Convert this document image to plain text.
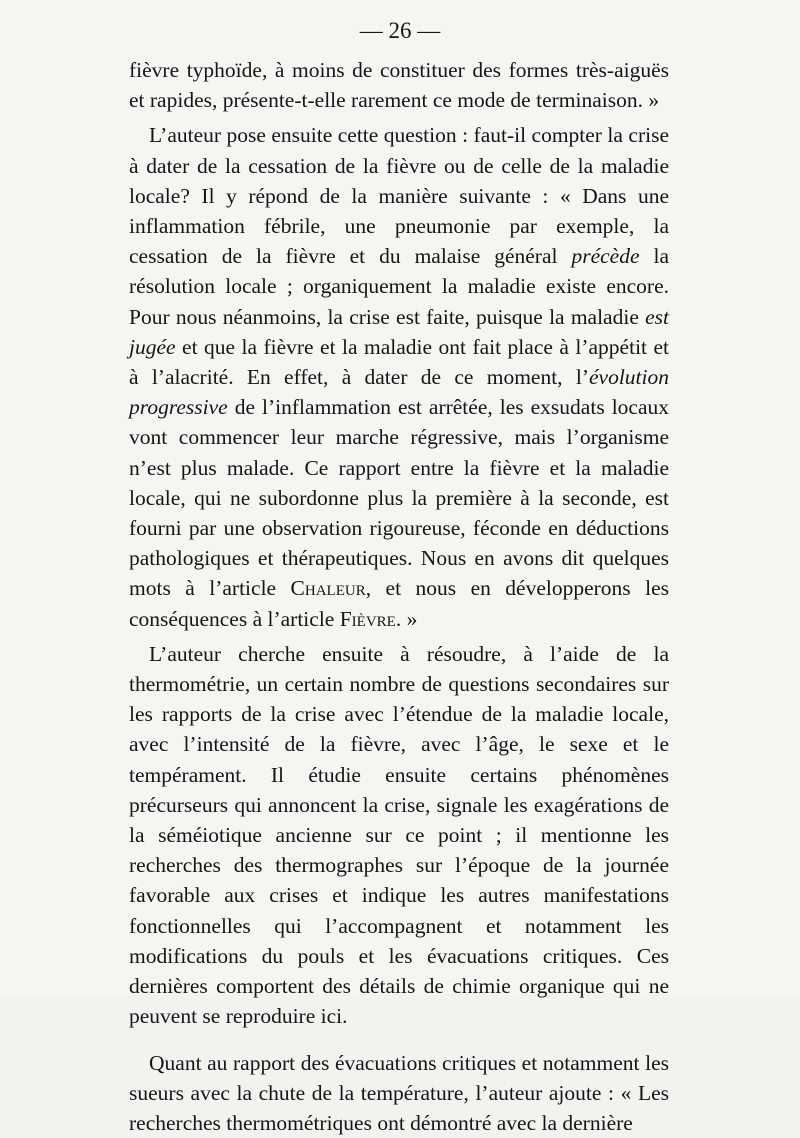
— 26 —

fièvre typhoïde, à moins de constituer des formes très-aiguës et rapides, présente-t-elle rarement ce mode de terminaison. »

L’auteur pose ensuite cette question : faut-il compter la crise à dater de la cessation de la fièvre ou de celle de la maladie locale? Il y répond de la manière suivante : « Dans une inflammation fébrile, une pneumonie par exemple, la cessation de la fièvre et du malaise général précède la résolution locale ; organiquement la maladie existe encore. Pour nous néanmoins, la crise est faite, puisque la maladie est jugée et que la fièvre et la maladie ont fait place à l’appétit et à l’alacrité. En effet, à dater de ce moment, l’évolution progressive de l’inflammation est arrêtée, les exsudats locaux vont commencer leur marche régressive, mais l’organisme n’est plus malade. Ce rapport entre la fièvre et la maladie locale, qui ne subordonne plus la première à la seconde, est fourni par une observation rigoureuse, féconde en déductions pathologiques et thérapeutiques. Nous en avons dit quelques mots à l’article Chaleur, et nous en développerons les conséquences à l’article Fièvre. »

L’auteur cherche ensuite à résoudre, à l’aide de la thermométrie, un certain nombre de questions secondaires sur les rapports de la crise avec l’étendue de la maladie locale, avec l’intensité de la fièvre, avec l’âge, le sexe et le tempérament. Il étudie ensuite certains phénomènes précurseurs qui annoncent la crise, signale les exagérations de la séméiotique ancienne sur ce point ; il mentionne les recherches des thermographes sur l’époque de la journée favorable aux crises et indique les autres manifestations fonctionnelles qui l’accompagnent et notamment les modifications du pouls et les évacuations critiques. Ces dernières comportent des détails de chimie organique qui ne peuvent se reproduire ici.

Quant au rapport des évacuations critiques et notamment les sueurs avec la chute de la température, l’auteur ajoute : « Les recherches thermométriques ont démontré avec la dernière
